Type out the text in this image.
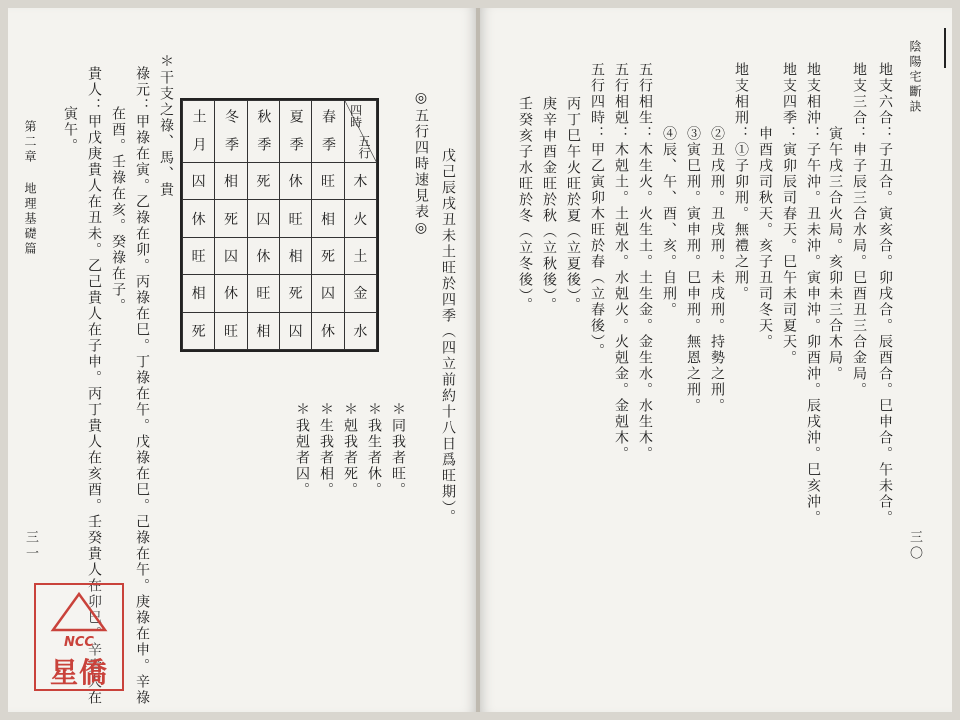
陰陽宅斷訣
地支六合：子丑合。寅亥合。卯戌合。辰酉合。巳申合。午未合。
地支三合：申子辰三合水局。巳酉丑三合金局。
寅午戌三合火局。亥卯未三合木局。
地支相沖：子午沖。丑未沖。寅申沖。卯酉沖。辰戌沖。巳亥沖。
地支四季：寅卯辰司春天。巳午未司夏天。
申酉戌司秋天。亥子丑司冬天。
地支相刑：①子卯刑。無禮之刑。
②丑戌刑。丑戌刑。未戌刑。持勢之刑。
③寅巳刑。寅申刑。巳申刑。無恩之刑。
④辰、午、酉、亥。自刑。
五行相生：木生火。火生土。土生金。金生水。水生木。
五行相剋：木剋土。土剋水。水剋火。火剋金。金剋木。
五行四時：甲乙寅卯木旺於春（立春後）。
丙丁巳午火旺於夏（立夏後）。
庚辛申酉金旺於秋（立秋後）。
壬癸亥子水旺於冬（立冬後）。
三〇
戊己辰戌丑未土旺於四季（四立前約十八日爲旺期）。
◎五行四時速見表◎
＊同我者旺。
＊我生者休。
＊剋我者死。
＊生我者相。
＊我剋者囚。
＊干支之祿、馬、貴
祿元：甲祿在寅。乙祿在卯。丙祿在巳。丁祿在午。戊祿在巳。己祿在午。庚祿在申。辛祿
在酉。壬祿在亥。癸祿在子。
貴人：甲戊庚貴人在丑未。乙己貴人在子申。丙丁貴人在亥酉。壬癸貴人在卯巳。辛貴人在
寅午。
第二章 地理基礎篇
三一
土　月	冬　季	秋　季	夏　季	春　季	五行
四時

囚	相	死	休	旺	木
休	死	囚	旺	相	火
旺	囚	休	相	死	土
相	休	旺	死	囚	金
死	旺	相	囚	休	水
NCC
星僑
